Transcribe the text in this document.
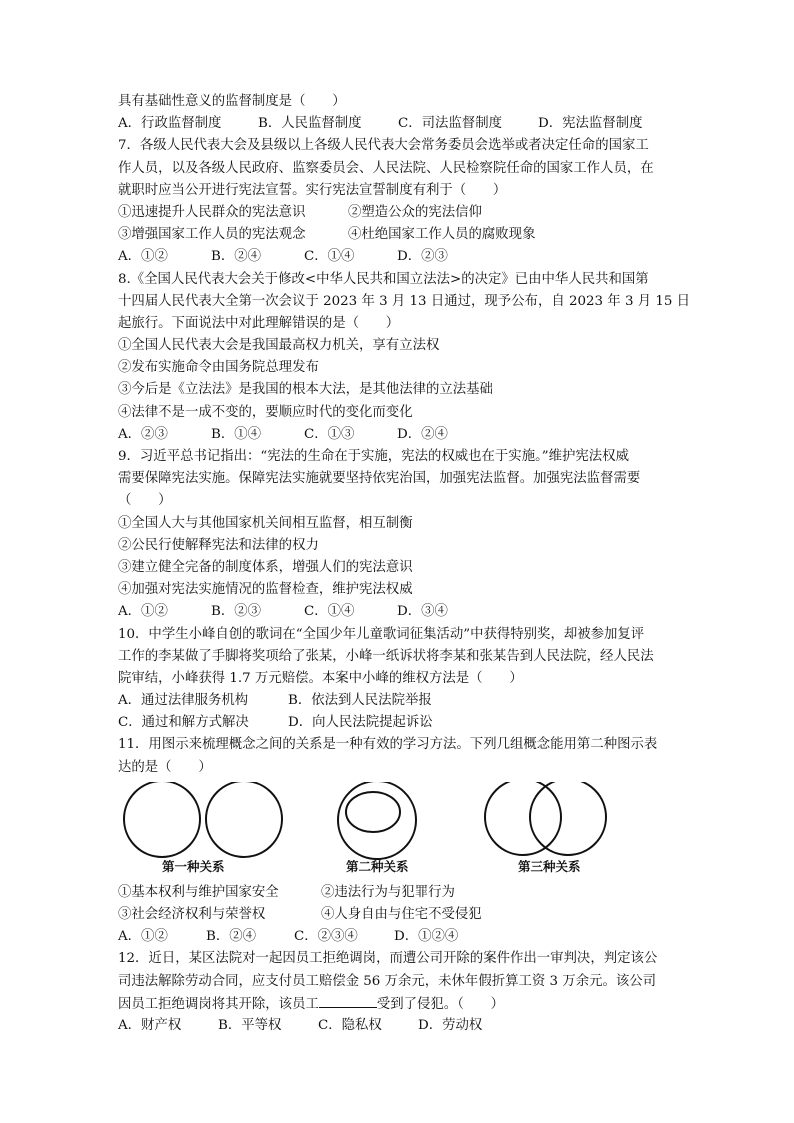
具有基础性意义的监督制度是（　　）
A．行政监督制度	B．人民监督制度	C．司法监督制度	D．宪法监督制度
7．各级人民代表大会及县级以上各级人民代表大会常务委员会选举或者决定任命的国家工
作人员，以及各级人民政府、监察委员会、人民法院、人民检察院任命的国家工作人员，在
就职时应当公开进行宪法宣誓。实行宪法宣誓制度有利于（　　）
①迅速提升人民群众的宪法意识	②塑造公众的宪法信仰
③增强国家工作人员的宪法观念	④杜绝国家工作人员的腐败现象
A．①②	B．②④	C．①④	D．②③
8.《全国人民代表大会关于修改<中华人民共和国立法法>的决定》已由中华人民共和国第
十四届人民代表大全第一次会议于 2023 年 3 月 13 日通过，现予公布，自 2023 年 3 月 15 日
起旅行。下面说法中对此理解错误的是（　　）
①全国人民代表大会是我国最高权力机关，享有立法权
②发布实施命令由国务院总理发布
③今后是《立法法》是我国的根本大法，是其他法律的立法基础
④法律不是一成不变的，要顺应时代的变化而变化
A．②③	B．①④	C．①③	D．②④
9．习近平总书记指出：“宪法的生命在于实施，宪法的权威也在于实施。”维护宪法权威
需要保障宪法实施。保障宪法实施就要坚持依宪治国，加强宪法监督。加强宪法监督需要
（　　）
①全国人大与其他国家机关间相互监督，相互制衡
②公民行使解释宪法和法律的权力
③建立健全完备的制度体系，增强人们的宪法意识
④加强对宪法实施情况的监督检查，维护宪法权威
A．①②	B．②③	C．①④	D．③④
10．中学生小峰自创的歌词在“全国少年儿童歌词征集活动”中获得特别奖，却被参加复评
工作的李某做了手脚将奖项给了张某，小峰一纸诉状将李某和张某告到人民法院，经人民法
院审结，小峰获得 1.7 万元赔偿。本案中小峰的维权方法是（　　）
A．通过法律服务机构	B．依法到人民法院举报
C．通过和解方式解决	D．向人民法院提起诉讼
11．用图示来梳理概念之间的关系是一种有效的学习方法。下列几组概念能用第二种图示表
达的是（　　）
第一种关系	第二种关系	第三种关系
①基本权利与维护国家安全	②违法行为与犯罪行为
③社会经济权利与荣誉权	④人身自由与住宅不受侵犯
A．①②	B．②④	C．②③④	D．①②④
12．近日，某区法院对一起因员工拒绝调岗，而遭公司开除的案件作出一审判决，判定该公
司违法解除劳动合同，应支付员工赔偿金 56 万余元，未休年假折算工资 3 万余元。该公司
因员工拒绝调岗将其开除，该员工	受到了侵犯。（　　）
A．财产权	B．平等权	C．隐私权	D．劳动权
